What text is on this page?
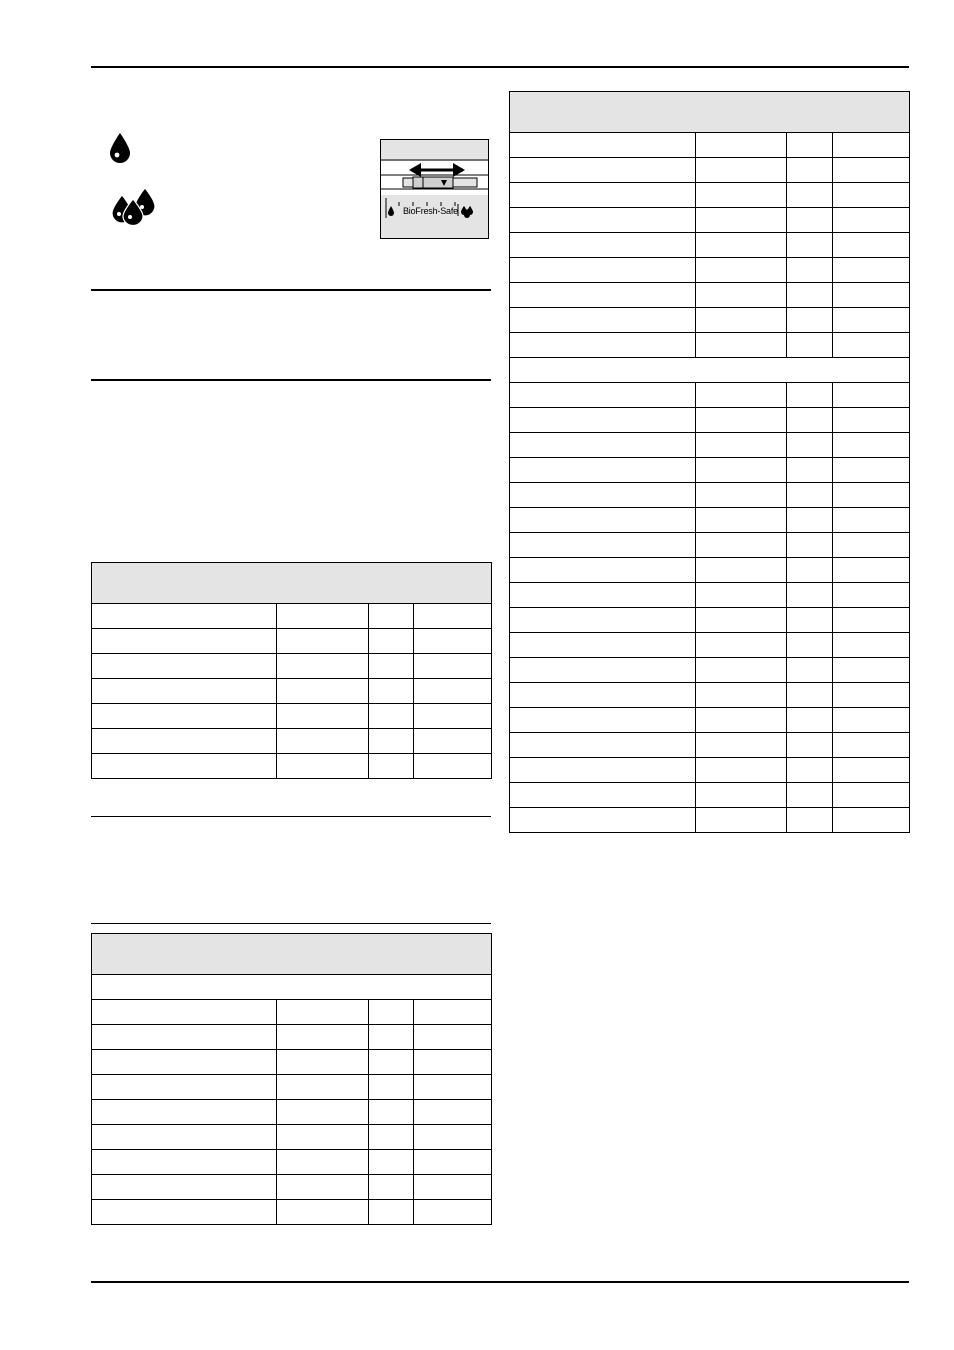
BioFresh-Safe
